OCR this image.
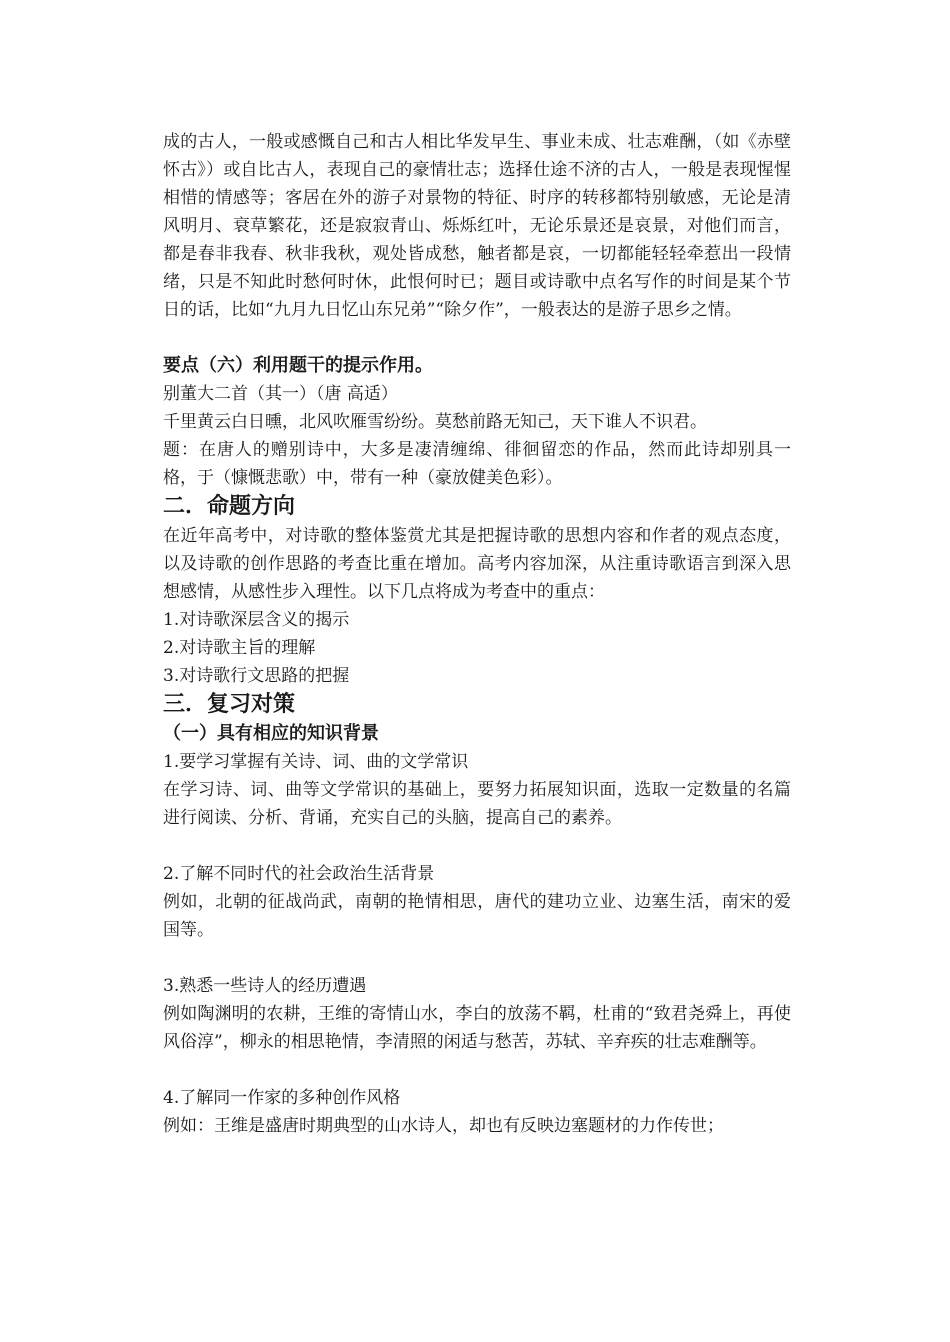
成的古人，一般或感慨自己和古人相比华发早生、事业未成、壮志难酬，（如《赤壁怀古》）或自比古人，表现自己的豪情壮志；选择仕途不济的古人，一般是表现惺惺相惜的情感等；客居在外的游子对景物的特征、时序的转移都特别敏感，无论是清风明月、衰草繁花，还是寂寂青山、烁烁红叶，无论乐景还是哀景，对他们而言，都是春非我春、秋非我秋，观处皆成愁，触者都是哀，一切都能轻轻牵惹出一段情绪，只是不知此时愁何时休，此恨何时已；题目或诗歌中点名写作的时间是某个节日的话，比如“九月九日忆山东兄弟”“除夕作”，一般表达的是游子思乡之情。

要点（六）利用题干的提示作用。

别董大二首（其一）（唐 高适）

千里黄云白日曛，北风吹雁雪纷纷。莫愁前路无知己，天下谁人不识君。

题：在唐人的赠别诗中，大多是凄清缠绵、徘徊留恋的作品，然而此诗却别具一格，于（慷慨悲歌）中，带有一种（豪放健美色彩）。

二．命题方向

在近年高考中，对诗歌的整体鉴赏尤其是把握诗歌的思想内容和作者的观点态度，以及诗歌的创作思路的考查比重在增加。高考内容加深，从注重诗歌语言到深入思想感情，从感性步入理性。以下几点将成为考查中的重点：

1.对诗歌深层含义的揭示

2.对诗歌主旨的理解

3.对诗歌行文思路的把握

三．复习对策

（一）具有相应的知识背景

1.要学习掌握有关诗、词、曲的文学常识

在学习诗、词、曲等文学常识的基础上，要努力拓展知识面，选取一定数量的名篇进行阅读、分析、背诵，充实自己的头脑，提高自己的素养。

2.了解不同时代的社会政治生活背景

例如，北朝的征战尚武，南朝的艳情相思，唐代的建功立业、边塞生活，南宋的爱国等。

3.熟悉一些诗人的经历遭遇

例如陶渊明的农耕，王维的寄情山水，李白的放荡不羁，杜甫的“致君尧舜上，再使风俗淳”，柳永的相思艳情，李清照的闲适与愁苦，苏轼、辛弃疾的壮志难酬等。

4.了解同一作家的多种创作风格

例如：王维是盛唐时期典型的山水诗人，却也有反映边塞题材的力作传世；
